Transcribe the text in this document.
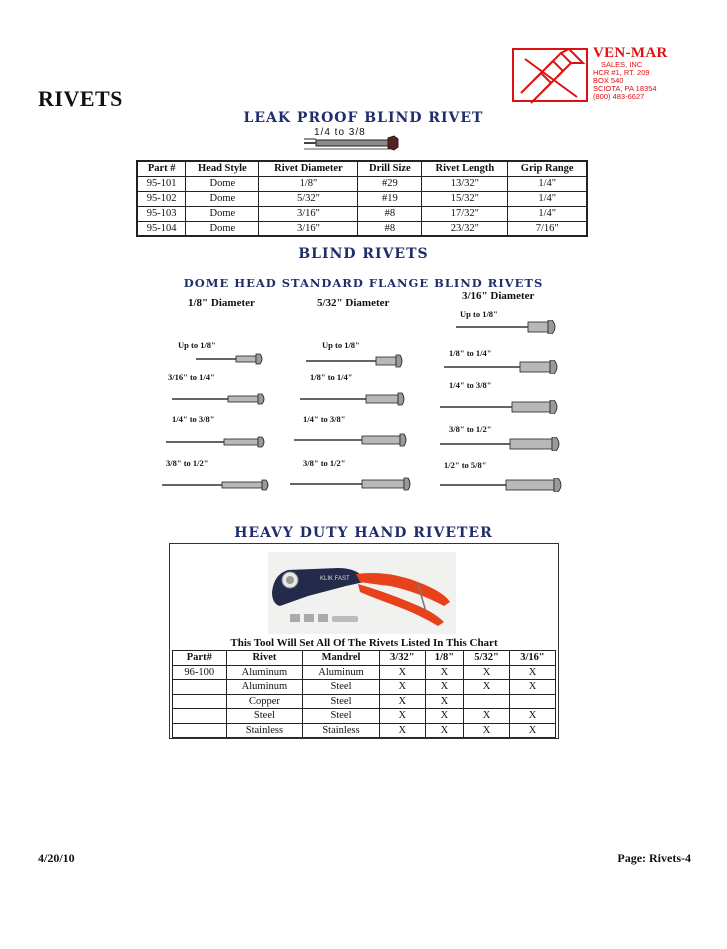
RIVETS
VEN-MAR
SALES, INC
HCR #1, RT. 209
BOX 540
SCIOTA, PA 18354
(800) 483-6627
LEAK PROOF BLIND RIVET
1/4 to 3/8
Part #	Head Style	Rivet Diameter	Drill Size	Rivet Length	Grip Range
95-101	Dome	1/8"	#29	13/32"	1/4"
95-102	Dome	5/32"	#19	15/32"	1/4"
95-103	Dome	3/16"	#8	17/32"	1/4"
95-104	Dome	3/16"	#8	23/32"	7/16"
BLIND RIVETS
DOME HEAD STANDARD FLANGE BLIND RIVETS
1/8" Diameter	5/32" Diameter
3/16" Diameter
Up to 1/8"
3/16" to 1/4"
1/4" to 3/8"
3/8" to 1/2"
Up to 1/8"
1/8" to 1/4"
1/4" to 3/8"
3/8" to 1/2"
Up to 1/8"
1/8" to 1/4"
1/4" to 3/8"
3/8" to 1/2"
1/2" to 5/8"
HEAVY DUTY HAND RIVETER
KLIK FAST
This Tool Will Set All Of The Rivets Listed In This Chart
Part#	Rivet	Mandrel	3/32"	1/8"	5/32"	3/16"
96-100	Aluminum	Aluminum	X	X	X	X
	Aluminum	Steel	X	X	X	X
	Copper	Steel	X	X		
	Steel	Steel	X	X	X	X
	Stainless	Stainless	X	X	X	X
4/20/10	Page: Rivets-4
